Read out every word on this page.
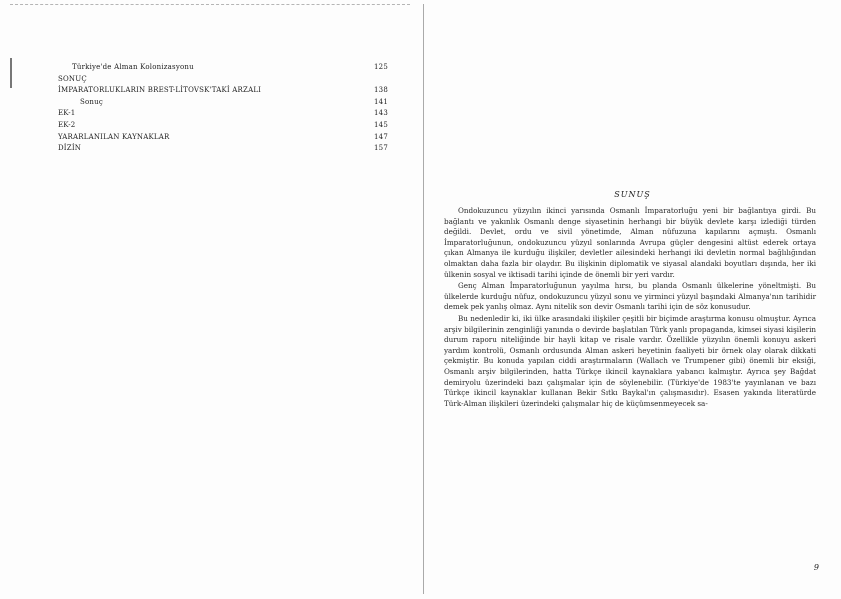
Türkiye'de Alman Kolonizasyonu	125
SONUÇ
İMPARATORLUKLARIN BREST-LİTOVSK'TAKİ ARZALI	138
Sonuç	141
EK-1	143
EK-2	145
YARARLANILAN KAYNAKLAR	147
DİZİN	157
SUNUŞ

Ondokuzuncu yüzyılın ikinci yarısında Osmanlı İmparatorluğu yeni bir bağlantıya girdi. Bu bağlantı ve yakınlık Osmanlı denge siyasetinin herhangi bir büyük devlete karşı izlediği türden değildi. Devlet, ordu ve sivil yönetimde, Alman nüfuzuna kapılarını açmıştı. Osmanlı İmparatorluğunun, ondokuzuncu yüzyıl sonlarında Avrupa güçler dengesini altüst ederek ortaya çıkan Almanya ile kurduğu ilişkiler, devletler ailesindeki herhangi iki devletin normal bağlılığından olmaktan daha fazla bir olaydır. Bu ilişkinin diplomatik ve siyasal alandaki boyutları dışında, her iki ülkenin sosyal ve iktisadi tarihi içinde de önemli bir yeri vardır.

Genç Alman İmparatorluğunun yayılma hırsı, bu planda Osmanlı ülkelerine yöneltmişti. Bu ülkelerde kurduğu nüfuz, ondokuzuncu yüzyıl sonu ve yirminci yüzyıl başındaki Almanya'nın tarihidir demek pek yanlış olmaz. Aynı nitelik son devir Osmanlı tarihi için de söz konusudur.

Bu nedenledir ki, iki ülke arasındaki ilişkiler çeşitli bir biçimde araştırma konusu olmuştur. Ayrıca arşiv bilgilerinin zenginliği yanında o devirde başlatılan Türk yanlı propaganda, kimsei siyasi kişilerin durum raporu niteliğinde bir hayli kitap ve risale vardır. Özellikle yüzyılın önemli konuyu askeri yardım kontrolü, Osmanlı ordusunda Alman askeri heyetinin faaliyeti bir örnek olay olarak dikkati çekmiştir. Bu konuda yapılan ciddi araştırmaların (Wallach ve Trumpener gibi) önemli bir eksiği, Osmanlı arşiv bilgilerinden, hatta Türkçe ikincil kaynaklara yabancı kalmıştır. Ayrıca şey Bağdat demiryolu üzerindeki bazı çalışmalar için de söylenebilir. (Türkiye'de 1983'te yayınlanan ve bazı Türkçe ikincil kaynaklar kullanan Bekir Sıtkı Baykal'ın çalışmasıdır). Esasen yakında literatürde Türk-Alman ilişkileri üzerindeki çalışmalar hiç de küçümsenmeyecek sa-

9
